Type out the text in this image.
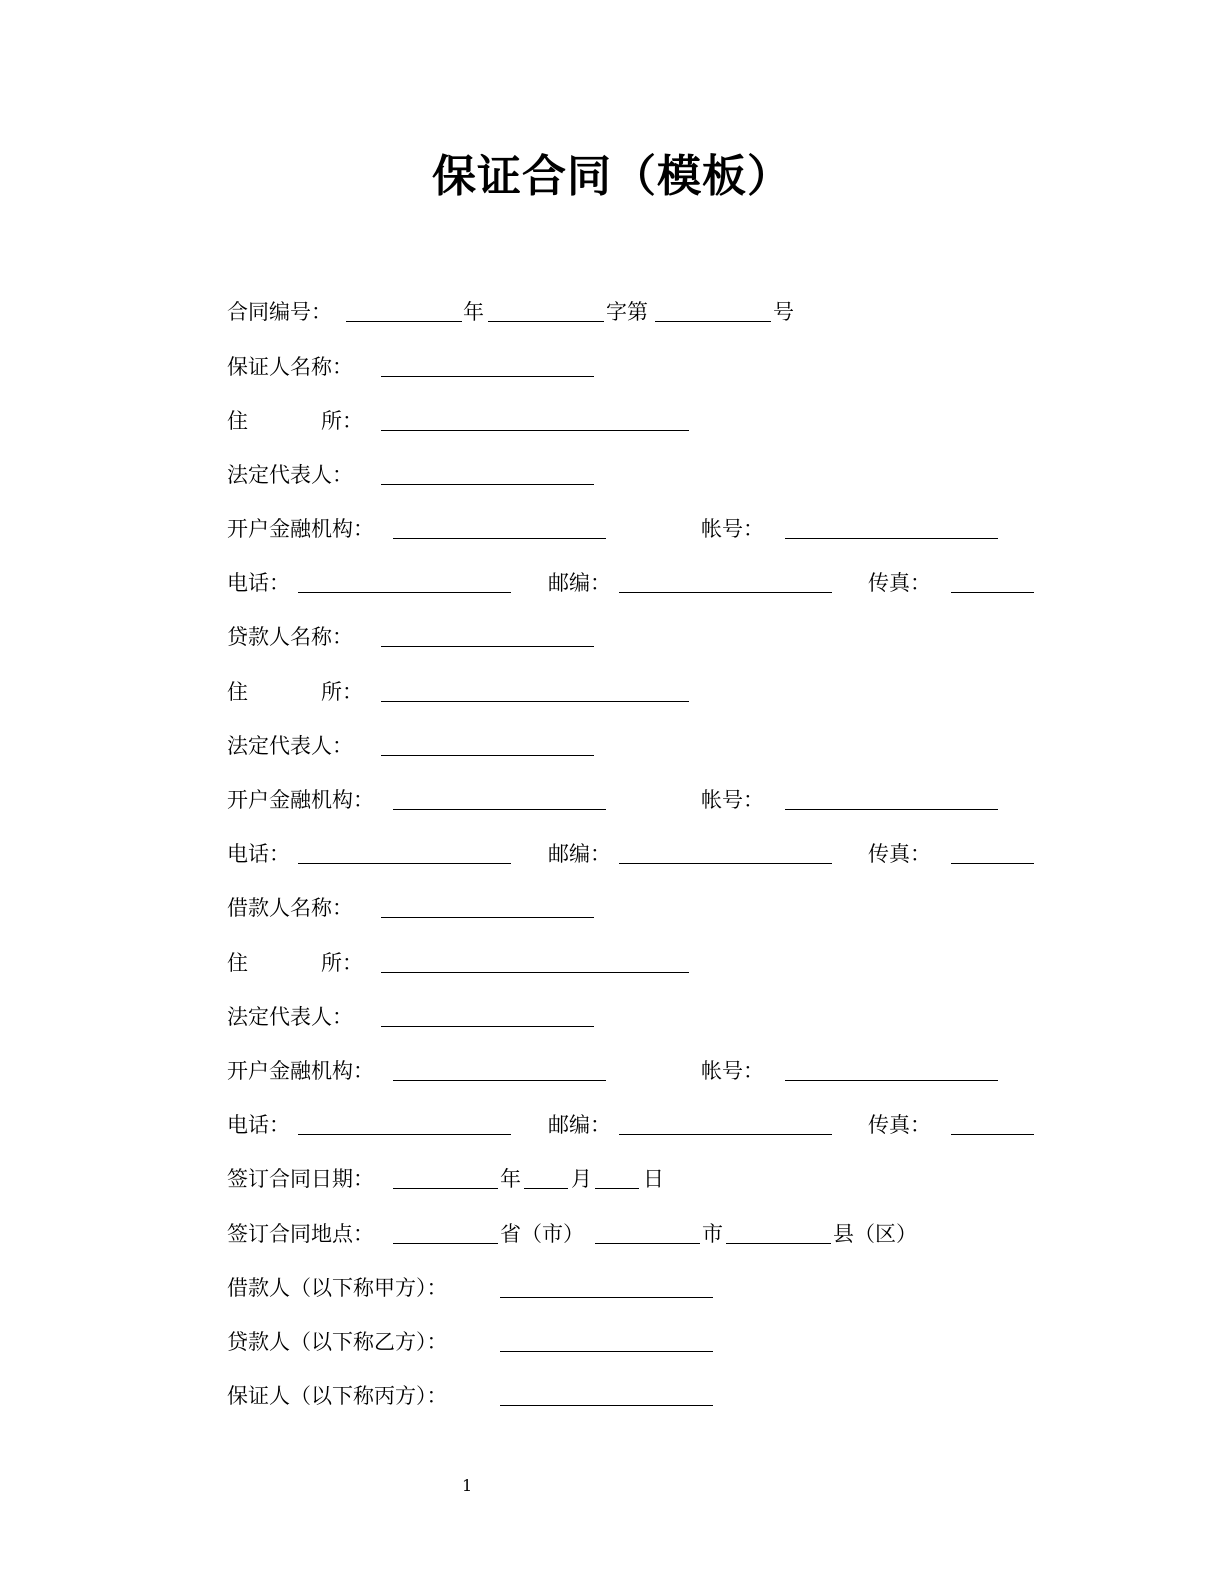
保证合同（模板）
合同编号：	年	字第	号
保证人名称：
住	所：
法定代表人：
开户金融机构：	帐号：
电话：	邮编：	传真：
贷款人名称：
住	所：
法定代表人：
开户金融机构：	帐号：
电话：	邮编：	传真：
借款人名称：
住	所：
法定代表人：
开户金融机构：	帐号：
电话：	邮编：	传真：
签订合同日期：	年 月 日
签订合同地点：	省（市）	市	县（区）
借款人（以下称甲方）：
贷款人（以下称乙方）：
保证人（以下称丙方）：
1
